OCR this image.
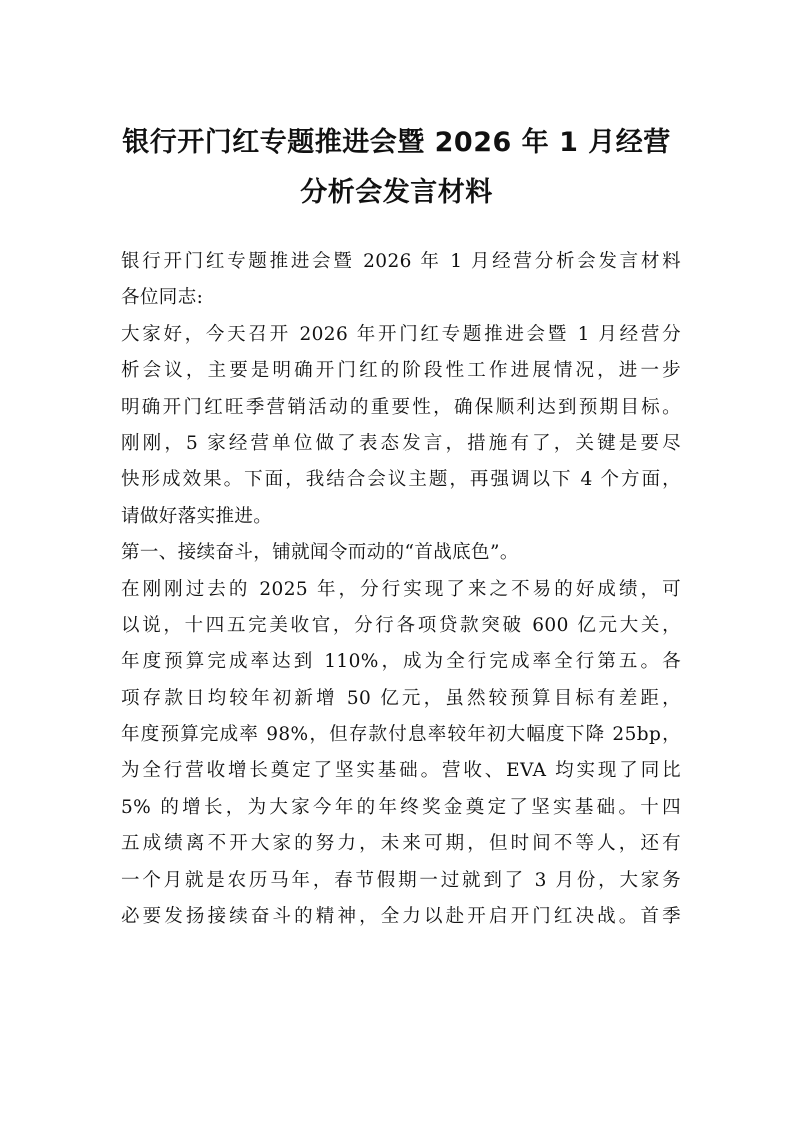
银行开门红专题推进会暨 2026 年 1 月经营
分析会发言材料
银行开门红专题推进会暨 2026 年 1 月经营分析会发言材料
各位同志:
大家好，今天召开 2026 年开门红专题推进会暨 1 月经营分
析会议，主要是明确开门红的阶段性工作进展情况，进一步
明确开门红旺季营销活动的重要性，确保顺利达到预期目标。
刚刚，5 家经营单位做了表态发言，措施有了，关键是要尽
快形成效果。下面，我结合会议主题，再强调以下 4 个方面，
请做好落实推进。
第一、接续奋斗，铺就闻令而动的“首战底色”。
在刚刚过去的 2025 年，分行实现了来之不易的好成绩，可
以说，十四五完美收官，分行各项贷款突破 600 亿元大关，
年度预算完成率达到 110%，成为全行完成率全行第五。各
项存款日均较年初新增 50 亿元，虽然较预算目标有差距，
年度预算完成率 98%，但存款付息率较年初大幅度下降 25bp，
为全行营收增长奠定了坚实基础。营收、EVA 均实现了同比
5% 的增长，为大家今年的年终奖金奠定了坚实基础。十四
五成绩离不开大家的努力，未来可期，但时间不等人，还有
一个月就是农历马年，春节假期一过就到了 3 月份，大家务
必要发扬接续奋斗的精神，全力以赴开启开门红决战。首季
